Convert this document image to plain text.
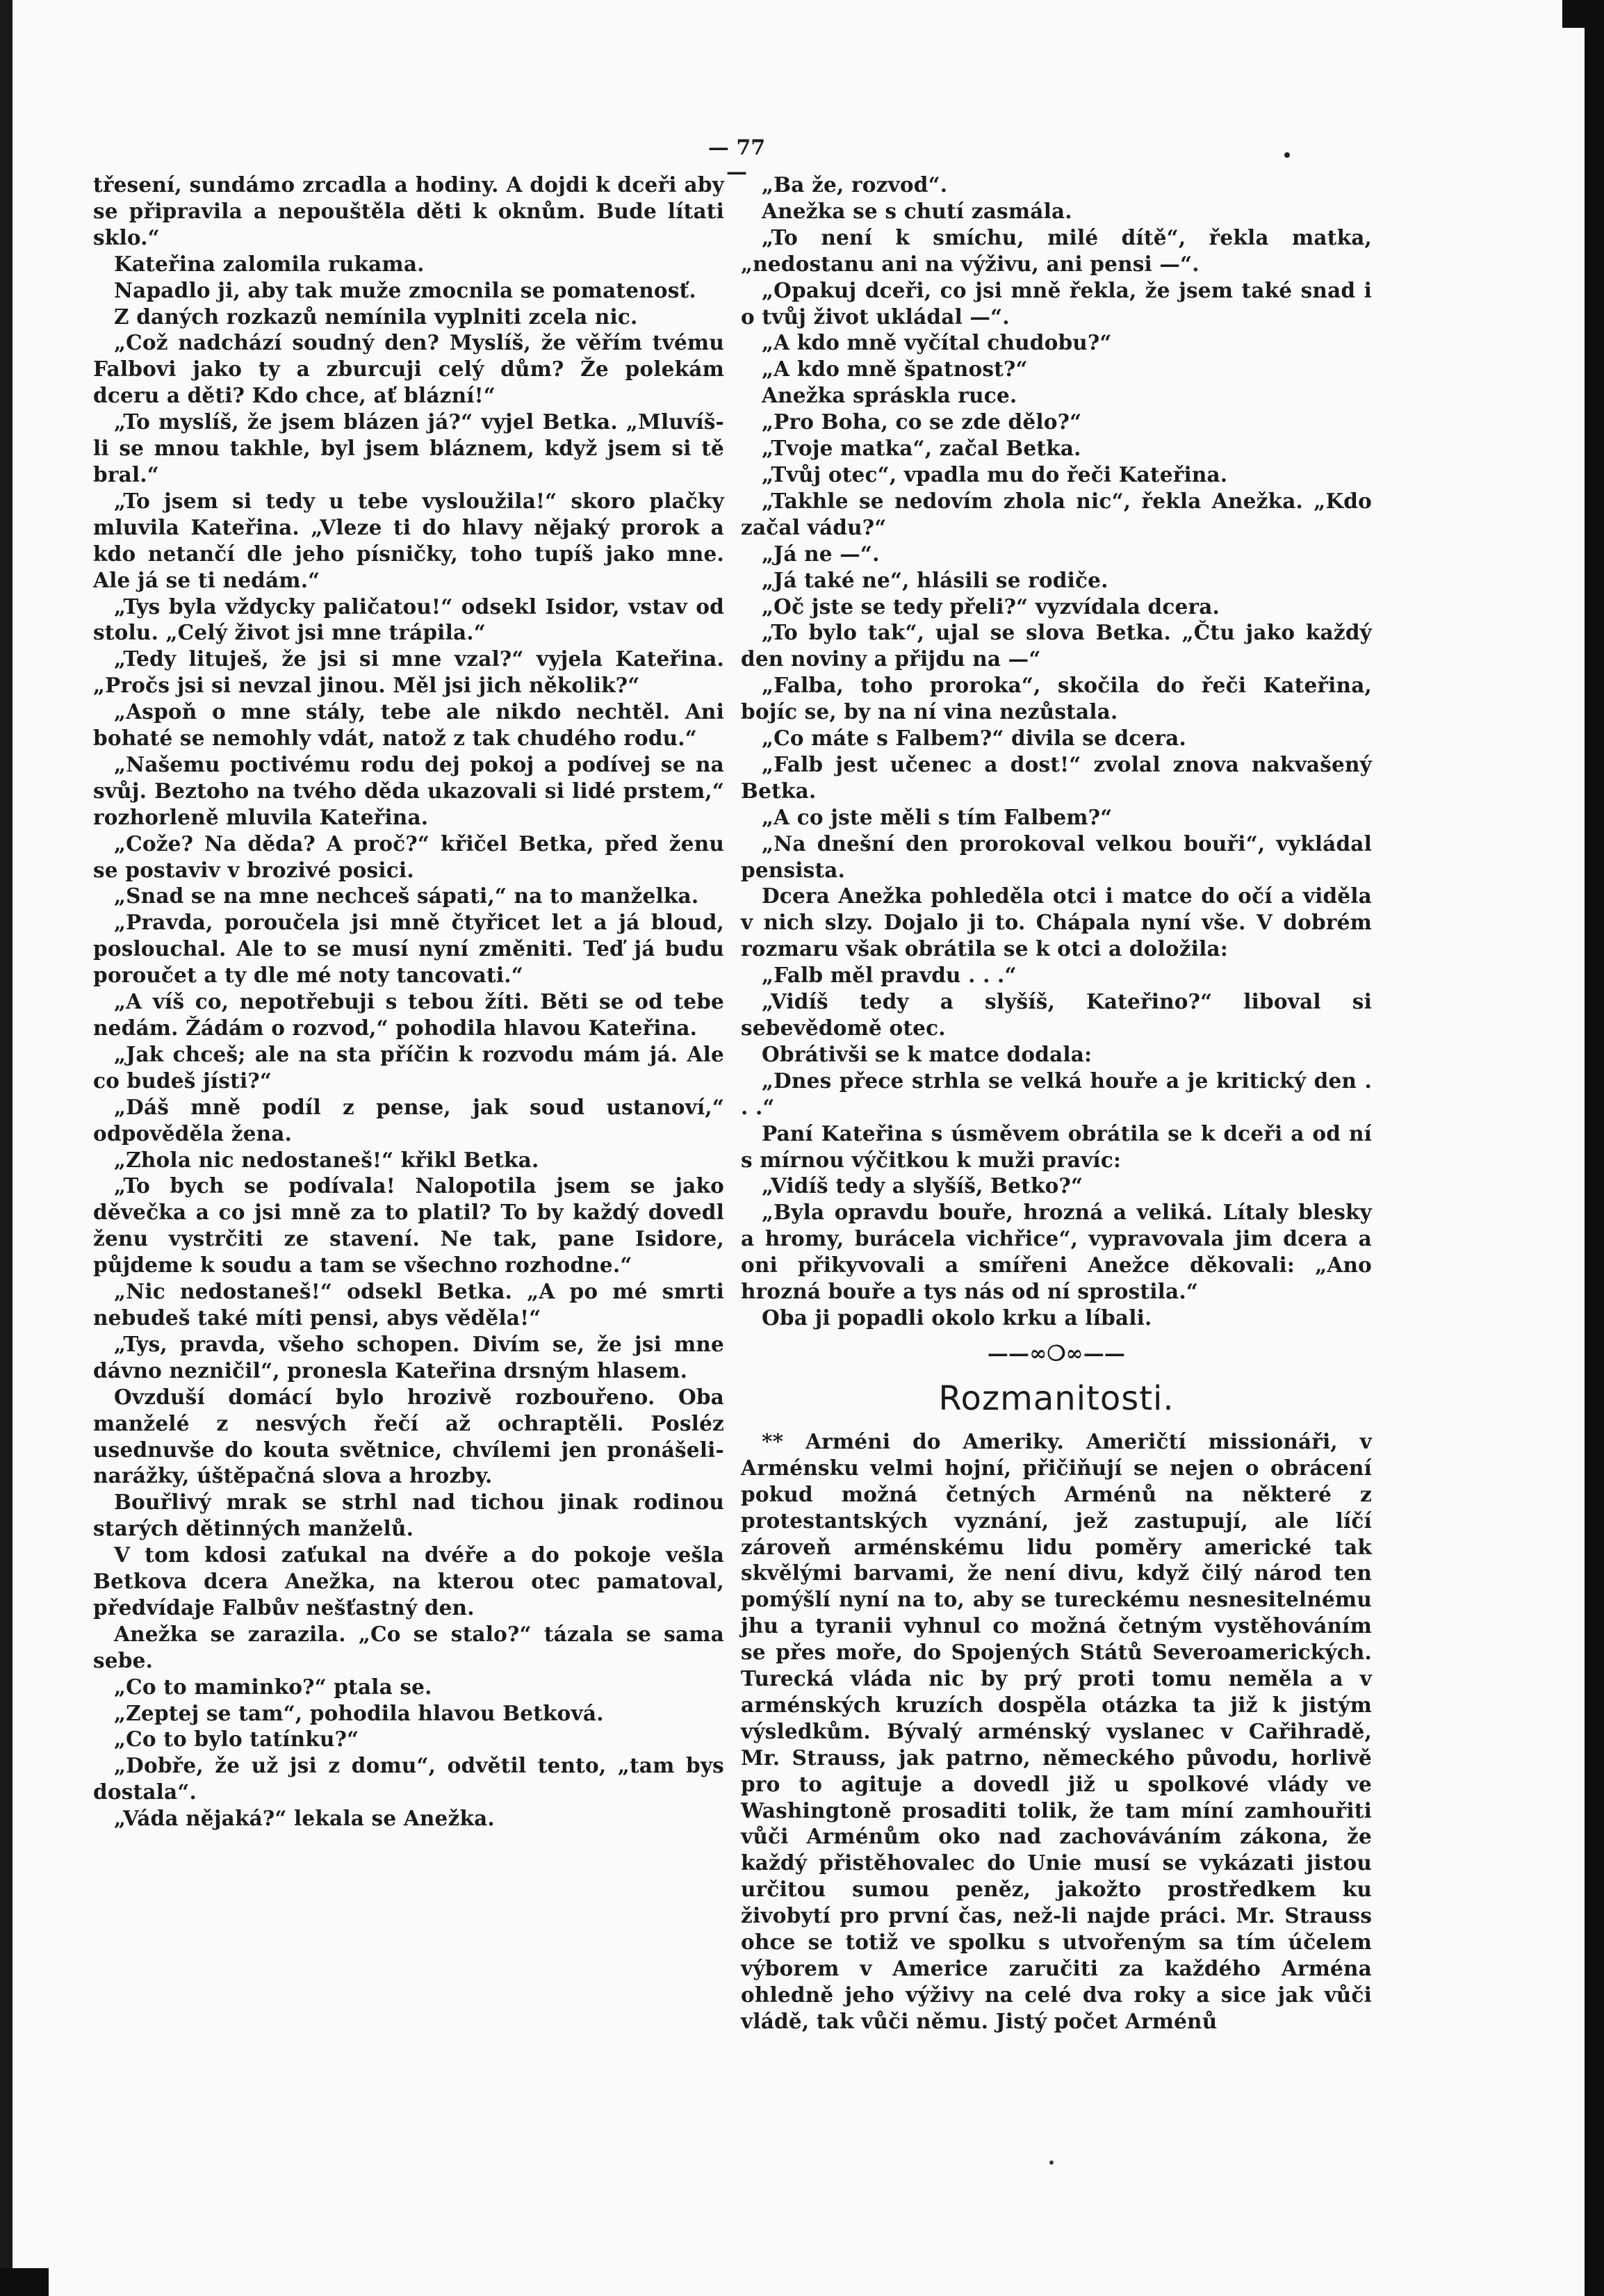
— 77 —

třesení, sundámo zrcadla a hodiny. A dojdi k dceři aby se připravila a nepouštěla děti k oknům. Bude lítati sklo.“

Kateřina zalomila rukama.

Napadlo ji, aby tak muže zmocnila se pomatenosť.

Z daných rozkazů nemínila vyplniti zcela nic.

„Což nadchází soudný den? Myslíš, že věřím tvému Falbovi jako ty a zburcuji celý dům? Že polekám dceru a děti? Kdo chce, ať blázní!“

„To myslíš, že jsem blázen já?“ vyjel Betka. „Mluvíš-li se mnou takhle, byl jsem bláznem, když jsem si tě bral.“

„To jsem si tedy u tebe vysloužila!“ skoro plačky mluvila Kateřina. „Vleze ti do hlavy nějaký prorok a kdo netančí dle jeho písničky, toho tupíš jako mne. Ale já se ti nedám.“

„Tys byla vždycky paličatou!“ odsekl Isidor, vstav od stolu. „Celý život jsi mne trápila.“

„Tedy lituješ, že jsi si mne vzal?“ vyjela Kateřina. „Pročs jsi si nevzal jinou. Měl jsi jich několik?“

„Aspoň o mne stály, tebe ale nikdo nechtěl. Ani bohaté se nemohly vdát, natož z tak chudého rodu.“

„Našemu poctivému rodu dej pokoj a podívej se na svůj. Beztoho na tvého děda ukazovali si lidé prstem,“ rozhorleně mluvila Kateřina.

„Cože? Na děda? A proč?“ křičel Betka, před ženu se postaviv v brozivé posici.

„Snad se na mne nechceš sápati,“ na to manželka.

„Pravda, poroučela jsi mně čtyřicet let a já bloud, poslouchal. Ale to se musí nyní změniti. Teď já budu poroučet a ty dle mé noty tancovati.“

„A víš co, nepotřebuji s tebou žíti. Běti se od tebe nedám. Žádám o rozvod,“ pohodila hlavou Kateřina.

„Jak chceš; ale na sta příčin k rozvodu mám já. Ale co budeš jísti?“

„Dáš mně podíl z pense, jak soud ustanoví,“ odpověděla žena.

„Zhola nic nedostaneš!“ křikl Betka.

„To bych se podívala! Nalopotila jsem se jako děvečka a co jsi mně za to platil? To by každý dovedl ženu vystrčiti ze stavení. Ne tak, pane Isidore, půjdeme k soudu a tam se všechno rozhodne.“

„Nic nedostaneš!“ odsekl Betka. „A po mé smrti nebudeš také míti pensi, abys věděla!“

„Tys, pravda, všeho schopen. Divím se, že jsi mne dávno nezničil“, pronesla Kateřina drsným hlasem.

Ovzduší domácí bylo hrozivě rozbouřeno. Oba manželé z nesvých řečí až ochraptěli. Posléz usednuvše do kouta světnice, chvílemi jen pronášeli-narážky, úštěpačná slova a hrozby.

Bouřlivý mrak se strhl nad tichou jinak rodinou starých dětinných manželů.

V tom kdosi zaťukal na dvéře a do pokoje vešla Betkova dcera Anežka, na kterou otec pamatoval, předvídaje Falbův nešťastný den.

Anežka se zarazila. „Co se stalo?“ tázala se sama sebe.

„Co to maminko?“ ptala se.

„Zeptej se tam“, pohodila hlavou Betková.

„Co to bylo tatínku?“

„Dobře, že už jsi z domu“, odvětil tento, „tam bys dostala“.

„Váda nějaká?“ lekala se Anežka.

„Ba že, rozvod“.

Anežka se s chutí zasmála.

„To není k smíchu, milé dítě“, řekla matka, „nedostanu ani na výživu, ani pensi —“.

„Opakuj dceři, co jsi mně řekla, že jsem také snad i o tvůj život ukládal —“.

„A kdo mně vyčítal chudobu?“

„A kdo mně špatnost?“

Anežka spráskla ruce.

„Pro Boha, co se zde dělo?“

„Tvoje matka“, začal Betka.

„Tvůj otec“, vpadla mu do řeči Kateřina.

„Takhle se nedovím zhola nic“, řekla Anežka. „Kdo začal vádu?“

„Já ne —“.

„Já také ne“, hlásili se rodiče.

„Oč jste se tedy přeli?“ vyzvídala dcera.

„To bylo tak“, ujal se slova Betka. „Čtu jako každý den noviny a přijdu na —“

„Falba, toho proroka“, skočila do řeči Kateřina, bojíc se, by na ní vina nezůstala.

„Co máte s Falbem?“ divila se dcera.

„Falb jest učenec a dost!“ zvolal znova nakvašený Betka.

„A co jste měli s tím Falbem?“

„Na dnešní den prorokoval velkou bouři“, vykládal pensista.

Dcera Anežka pohleděla otci i matce do očí a viděla v nich slzy. Dojalo ji to. Chápala nyní vše. V dobrém rozmaru však obrátila se k otci a doložila:

„Falb měl pravdu . . .“

„Vidíš tedy a slyšíš, Kateřino?“ liboval si sebevědomě otec.

Obrátivši se k matce dodala:

„Dnes přece strhla se velká houře a je kritický den . . .“

Paní Kateřina s úsměvem obrátila se k dceři a od ní s mírnou výčitkou k muži pravíc:

„Vidíš tedy a slyšíš, Betko?“

„Byla opravdu bouře, hrozná a veliká. Lítaly blesky a hromy, burácela vichřice“, vypravovala jim dcera a oni přikyvovali a smířeni Anežce děkovali: „Ano hrozná bouře a tys nás od ní sprostila.“

Oba ji popadli okolo krku a líbali.

——∞❍∞——
Rozmanitosti.

** Arméni do Ameriky. Američtí missionáři, v Arménsku velmi hojní, přičiňují se nejen o obrácení pokud možná četných Arménů na některé z protestantských vyznání, jež zastupují, ale líčí zároveň arménskému lidu poměry americké tak skvělými barvami, že není divu, když čilý národ ten pomýšlí nyní na to, aby se tureckému nesnesitelnému jhu a tyranii vyhnul co možná četným vystěhováním se přes moře, do Spojených Států Severoamerických. Turecká vláda nic by prý proti tomu neměla a v arménských kruzích dospěla otázka ta již k jistým výsledkům. Bývalý arménský vyslanec v Cařihradě, Mr. Strauss, jak patrno, německého původu, horlivě pro to agituje a dovedl již u spolkové vlády ve Washingtoně prosaditi tolik, že tam míní zamhouřiti vůči Arménům oko nad zachováváním zákona, že každý přistěhovalec do Unie musí se vykázati jistou určitou sumou peněz, jakožto prostředkem ku živobytí pro první čas, než-li najde práci. Mr. Strauss ohce se totiž ve spolku s utvořeným sa tím účelem výborem v Americe zaručiti za každého Arména ohledně jeho výživy na celé dva roky a sice jak vůči vládě, tak vůči němu. Jistý počet Arménů
